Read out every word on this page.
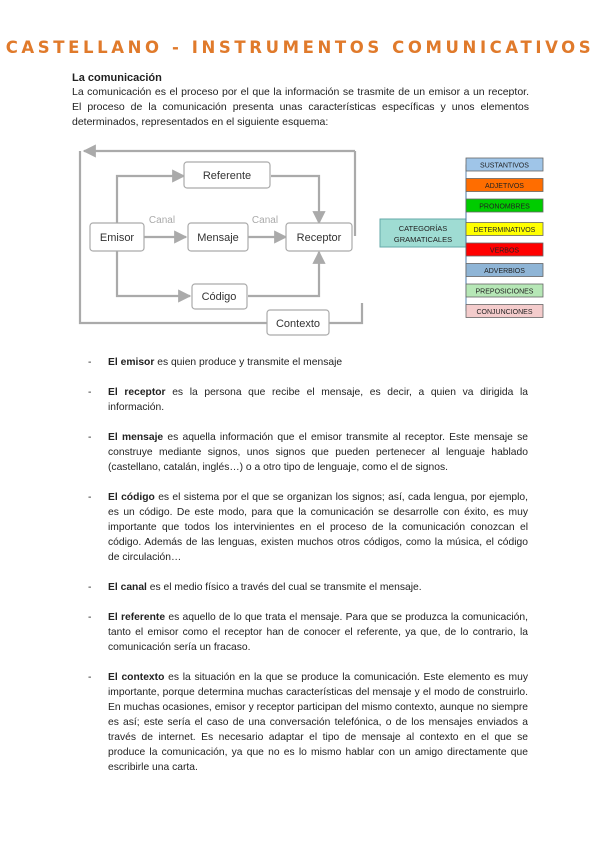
CASTELLANO - INSTRUMENTOS COMUNICATIVOS
La comunicación
La comunicación es el proceso por el que la información se trasmite de un emisor a un receptor. El proceso de la comunicación presenta unas características específicas y unos elementos determinados, representados en el siguiente esquema:
Referente
Emisor	Mensaje	Receptor
Código
Contexto
Canal	Canal
CATEGORÍAS
GRAMATICALES
SUSTANTIVOS
ADJETIVOS
PRONOMBRES
DETERMINATIVOS
VERBOS
ADVERBIOS
PREPOSICIONES
CONJUNCIONES
- El emisor es quien produce y transmite el mensaje
- El receptor es la persona que recibe el mensaje, es decir, a quien va dirigida la información.
- El mensaje es aquella información que el emisor transmite al receptor. Este mensaje se construye mediante signos, unos signos que pueden pertenecer al lenguaje hablado (castellano, catalán, inglés…) o a otro tipo de lenguaje, como el de signos.
- El código es el sistema por el que se organizan los signos; así, cada lengua, por ejemplo, es un código. De este modo, para que la comunicación se desarrolle con éxito, es muy importante que todos los intervinientes en el proceso de la comunicación conozcan el código. Además de las lenguas, existen muchos otros códigos, como la música, el código de circulación…
- El canal es el medio físico a través del cual se transmite el mensaje.
- El referente es aquello de lo que trata el mensaje. Para que se produzca la comunicación, tanto el emisor como el receptor han de conocer el referente, ya que, de lo contrario, la comunicación sería un fracaso.
- El contexto es la situación en la que se produce la comunicación. Este elemento es muy importante, porque determina muchas características del mensaje y el modo de construirlo. En muchas ocasiones, emisor y receptor participan del mismo contexto, aunque no siempre es así; este sería el caso de una conversación telefónica, o de los mensajes enviados a través de internet. Es necesario adaptar el tipo de mensaje al contexto en el que se produce la comunicación, ya que no es lo mismo hablar con un amigo directamente que escribirle una carta.
